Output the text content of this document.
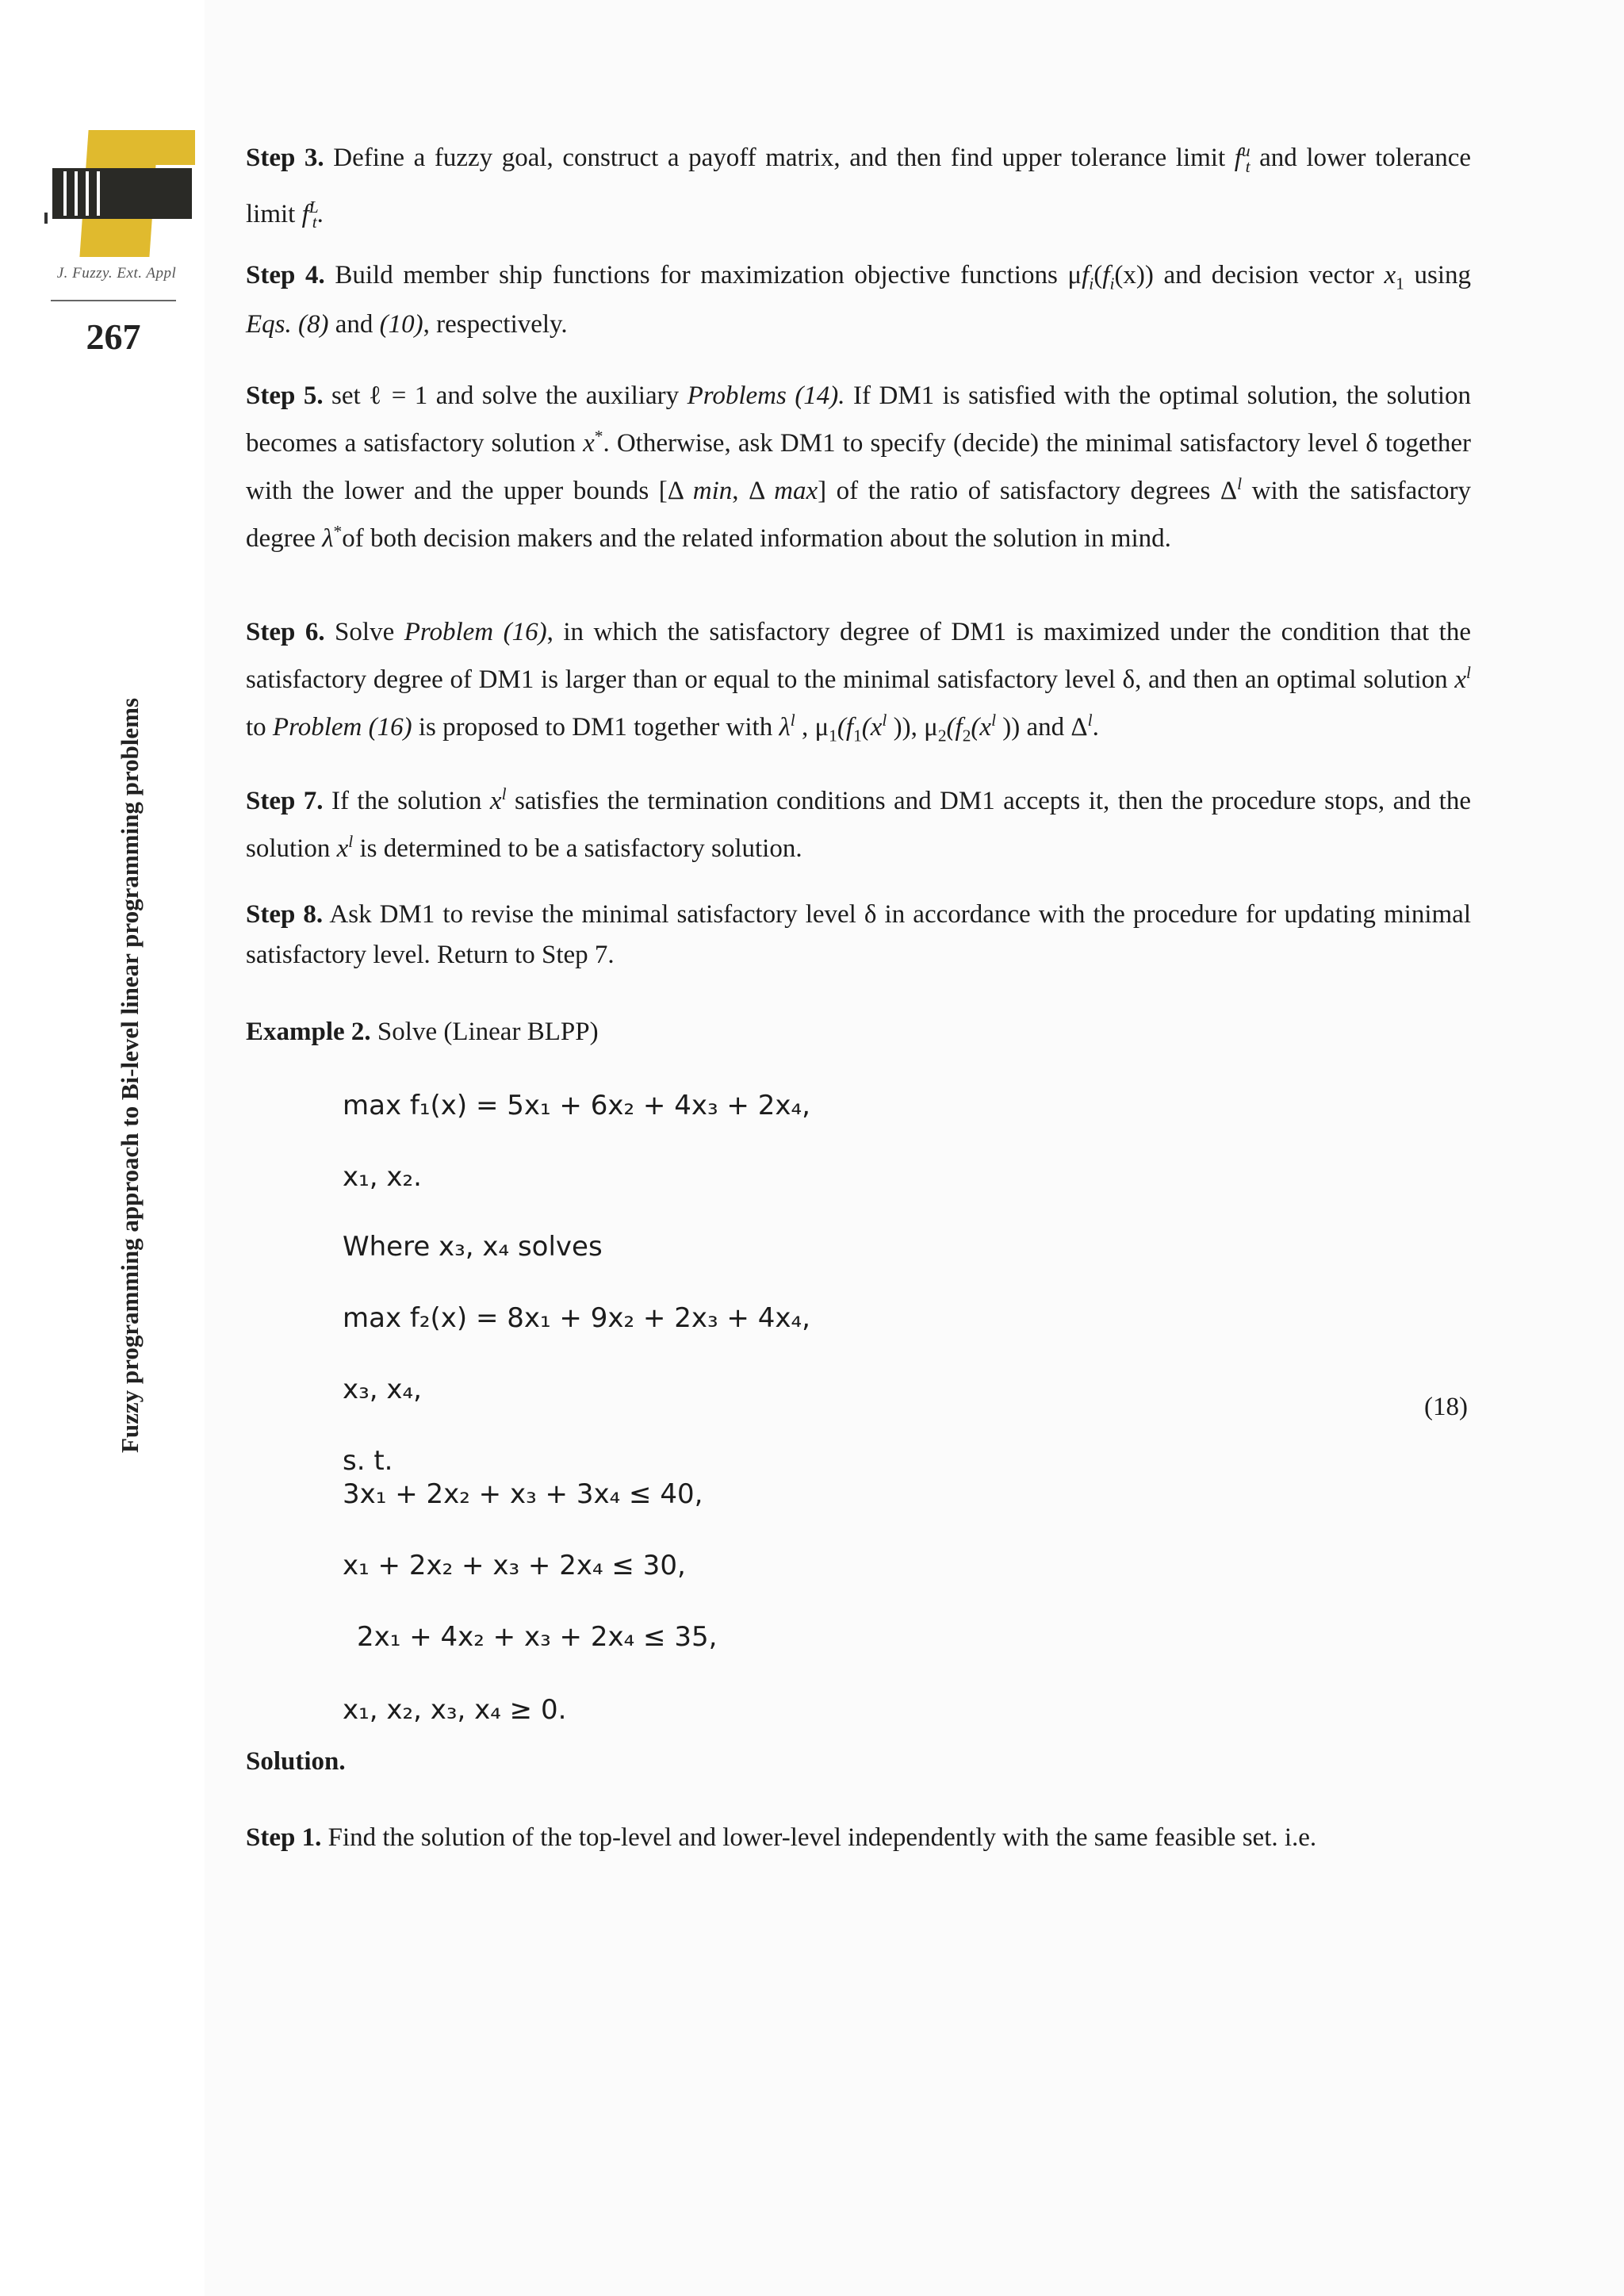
J. Fuzzy. Ext. Appl
267
Fuzzy programming approach to Bi-level linear programming problems
Step 3. Define a fuzzy goal, construct a payoff matrix, and then find upper tolerance limit $f^u_t$ and lower tolerance limit $f^L_t$.
Step 4. Build member ship functions for maximization objective functions $\mu f_i(f_i(x))$ and decision vector $x_1$ using Eqs. (8) and (10), respectively.
Step 5. set ℓ = 1 and solve the auxiliary Problems (14). If DM1 is satisfied with the optimal solution, the solution becomes a satisfactory solution x*. Otherwise, ask DM1 to specify (decide) the minimal satisfactory level δ together with the lower and the upper bounds [Δ min, Δ max] of the ratio of satisfactory degrees $\Delta^l$ with the satisfactory degree λ*of both decision makers and the related information about the solution in mind.
Step 6. Solve Problem (16), in which the satisfactory degree of DM1 is maximized under the condition that the satisfactory degree of DM1 is larger than or equal to the minimal satisfactory level δ, and then an optimal solution $x^l$ to Problem (16) is proposed to DM1 together with $\lambda^l$ , $\mu_1(f_1(x^l$ )), $\mu_2(f_2(x^l$ )) and $\Delta^l$.
Step 7. If the solution $x^l$ satisfies the termination conditions and DM1 accepts it, then the procedure stops, and the solution $x^l$ is determined to be a satisfactory solution.
Step 8. Ask DM1 to revise the minimal satisfactory level δ in accordance with the procedure for updating minimal satisfactory level. Return to Step 7.
Example 2. Solve (Linear BLPP)
max f₁(x) = 5x₁ + 6x₂ + 4x₃ + 2x₄,
x₁, x₂.
Where x₃, x₄ solves
max f₂(x) = 8x₁ + 9x₂ + 2x₃ + 4x₄,
x₃, x₄,
s. t.
3x₁ + 2x₂ + x₃ + 3x₄ ≤ 40,
x₁ + 2x₂ + x₃ + 2x₄ ≤ 30,
2x₁ + 4x₂ + x₃ + 2x₄ ≤ 35,
x₁, x₂, x₃, x₄ ≥ 0.
(18)
Solution.
Step 1. Find the solution of the top-level and lower-level independently with the same feasible set. i.e.
